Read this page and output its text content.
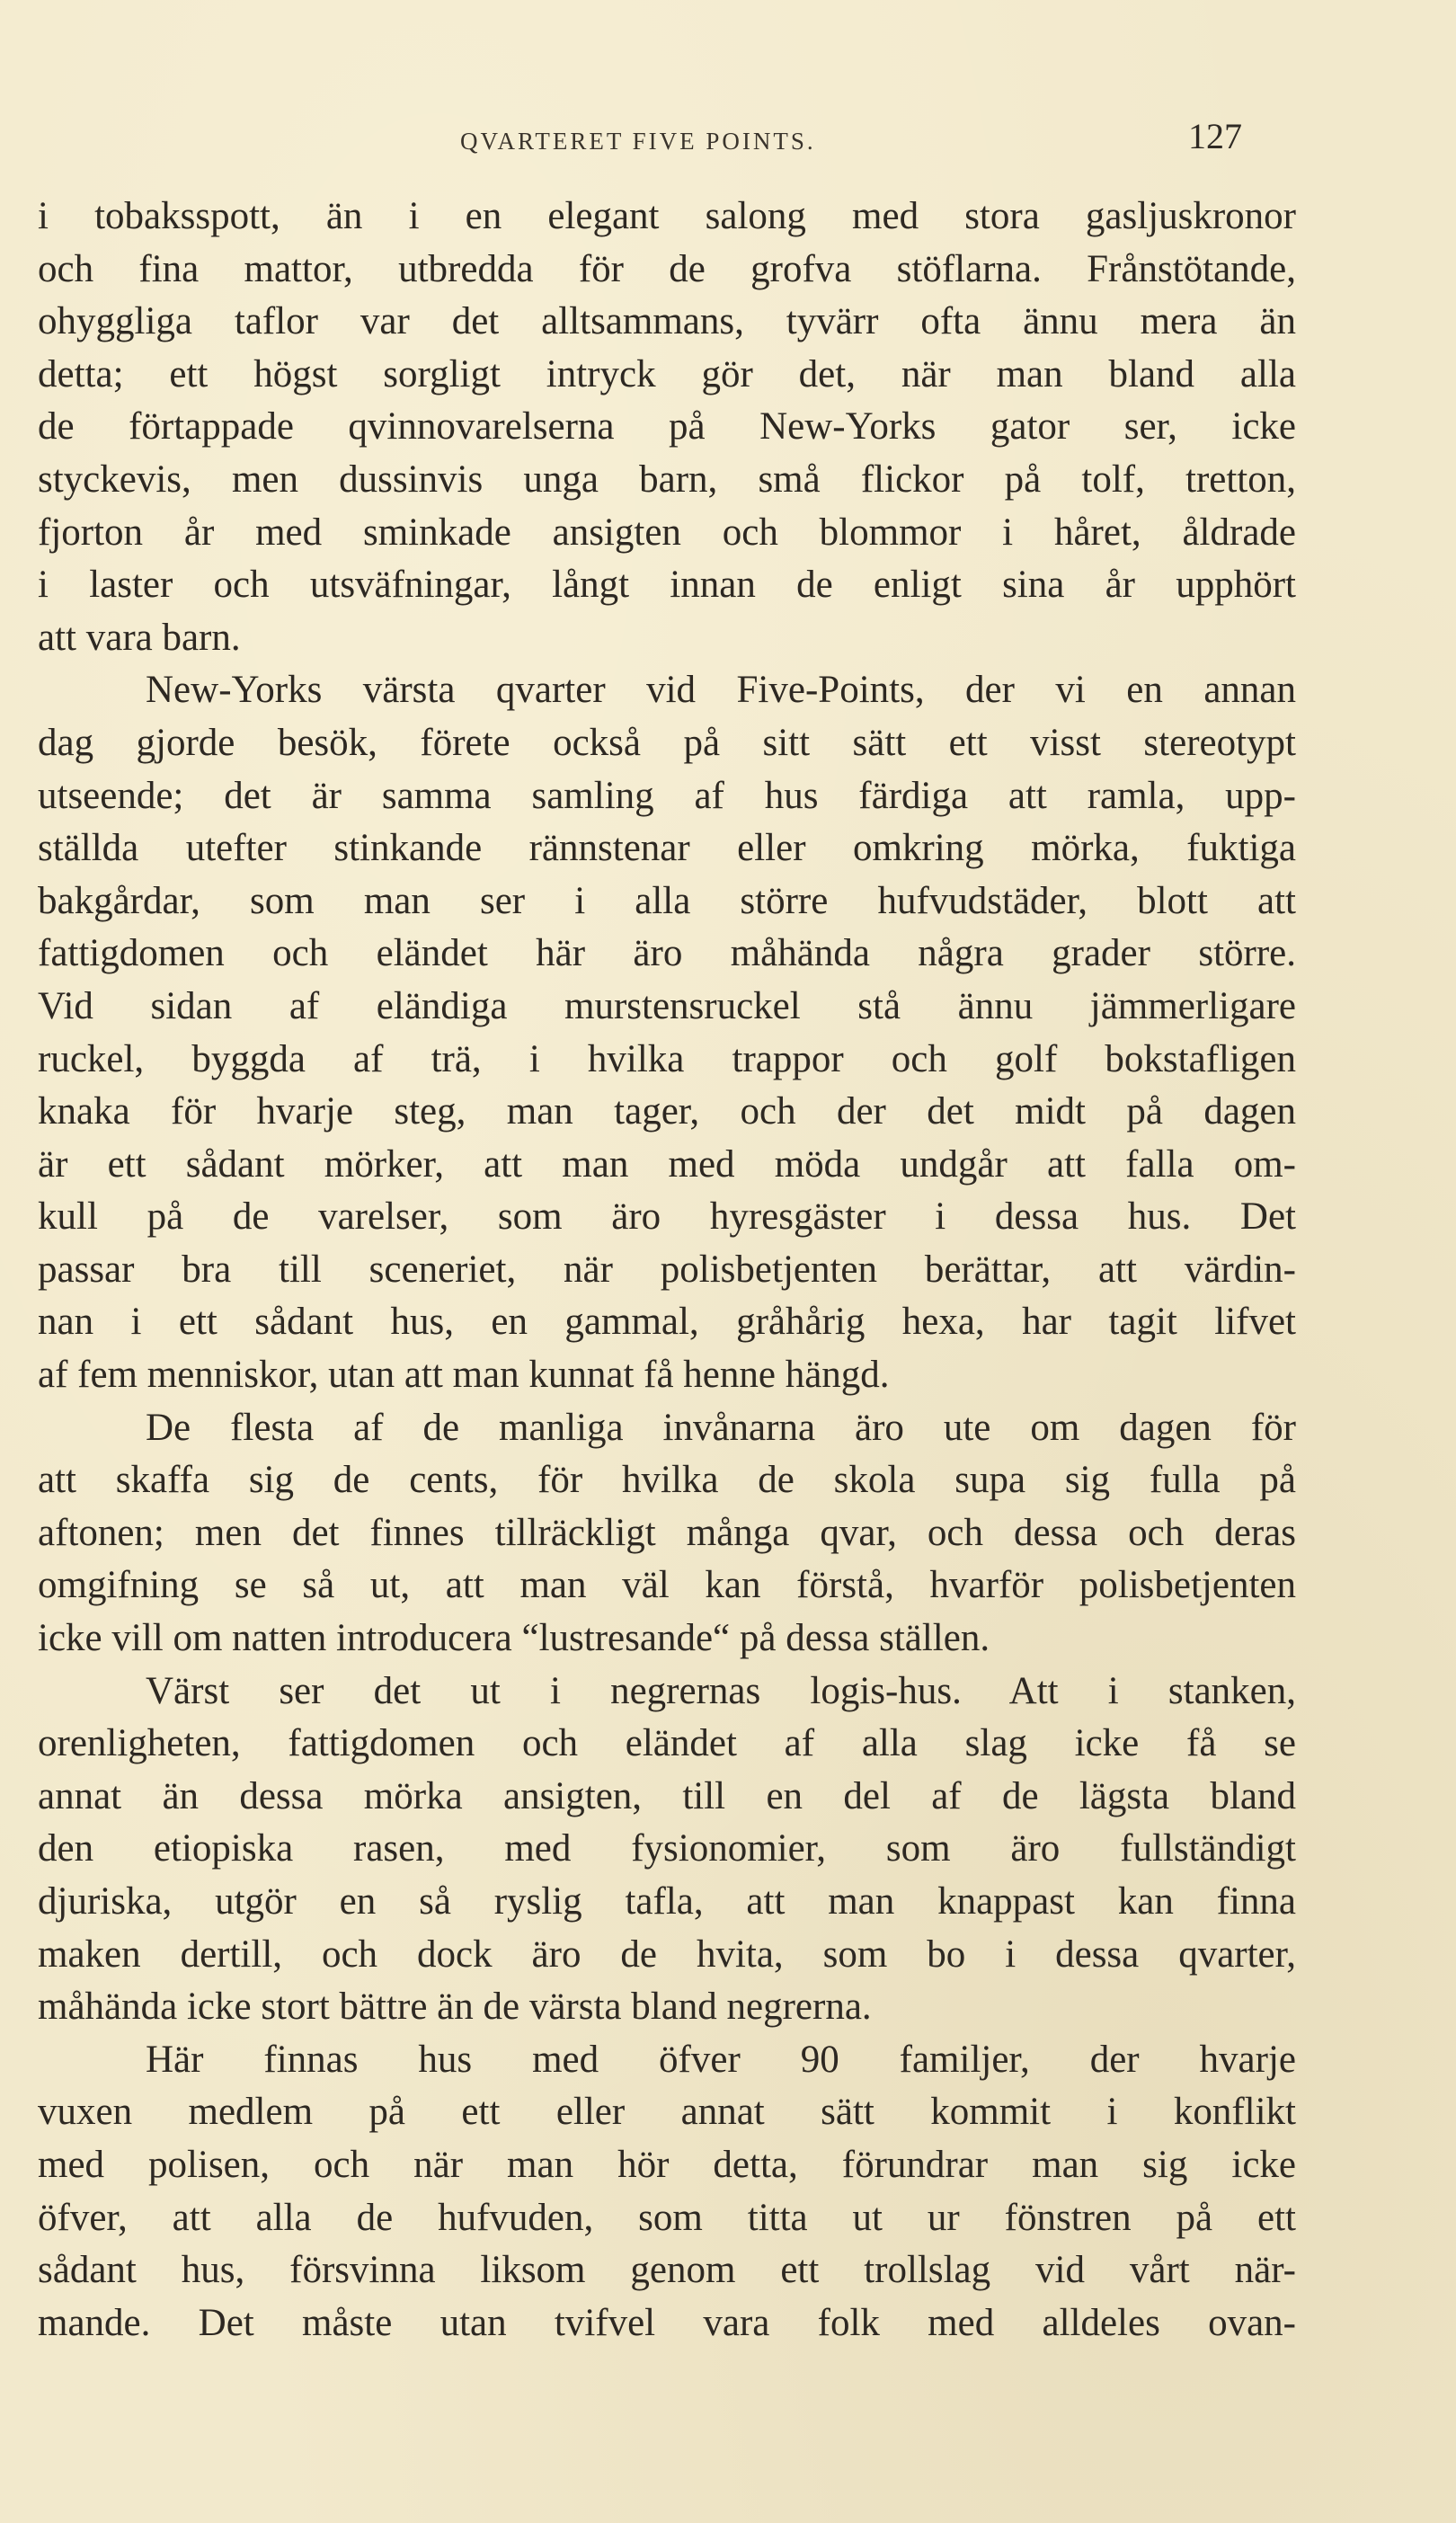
QVARTERET FIVE POINTS.	127
i tobaksspott, än i en elegant salong med stora gasljuskronor
och fina mattor, utbredda för de grofva stöflarna. Frånstötande,
ohyggliga taflor var det alltsammans, tyvärr ofta ännu mera än
detta; ett högst sorgligt intryck gör det, när man bland alla
de förtappade qvinnovarelserna på New-Yorks gator ser, icke
styckevis, men dussinvis unga barn, små flickor på tolf, tretton,
fjorton år med sminkade ansigten och blommor i håret, åldrade
i laster och utsväfningar, långt innan de enligt sina år upphört
att vara barn.
New-Yorks värsta qvarter vid Five-Points, der vi en annan
dag gjorde besök, förete också på sitt sätt ett visst stereotypt
utseende; det är samma samling af hus färdiga att ramla, upp-
ställda utefter stinkande rännstenar eller omkring mörka, fuktiga
bakgårdar, som man ser i alla större hufvudstäder, blott att
fattigdomen och eländet här äro måhända några grader större.
Vid sidan af eländiga murstensruckel stå ännu jämmerligare
ruckel, byggda af trä, i hvilka trappor och golf bokstafligen
knaka för hvarje steg, man tager, och der det midt på dagen
är ett sådant mörker, att man med möda undgår att falla om-
kull på de varelser, som äro hyresgäster i dessa hus. Det
passar bra till sceneriet, när polisbetjenten berättar, att värdin-
nan i ett sådant hus, en gammal, gråhårig hexa, har tagit lifvet
af fem menniskor, utan att man kunnat få henne hängd.
De flesta af de manliga invånarna äro ute om dagen för
att skaffa sig de cents, för hvilka de skola supa sig fulla på
aftonen; men det finnes tillräckligt många qvar, och dessa och deras
omgifning se så ut, att man väl kan förstå, hvarför polisbetjenten
icke vill om natten introducera “lustresande“ på dessa ställen.
Värst ser det ut i negrernas logis-hus. Att i stanken,
orenligheten, fattigdomen och eländet af alla slag icke få se
annat än dessa mörka ansigten, till en del af de lägsta bland
den etiopiska rasen, med fysionomier, som äro fullständigt
djuriska, utgör en så ryslig tafla, att man knappast kan finna
maken dertill, och dock äro de hvita, som bo i dessa qvarter,
måhända icke stort bättre än de värsta bland negrerna.
Här finnas hus med öfver 90 familjer, der hvarje
vuxen medlem på ett eller annat sätt kommit i konflikt
med polisen, och när man hör detta, förundrar man sig icke
öfver, att alla de hufvuden, som titta ut ur fönstren på ett
sådant hus, försvinna liksom genom ett trollslag vid vårt när-
mande. Det måste utan tvifvel vara folk med alldeles ovan-
